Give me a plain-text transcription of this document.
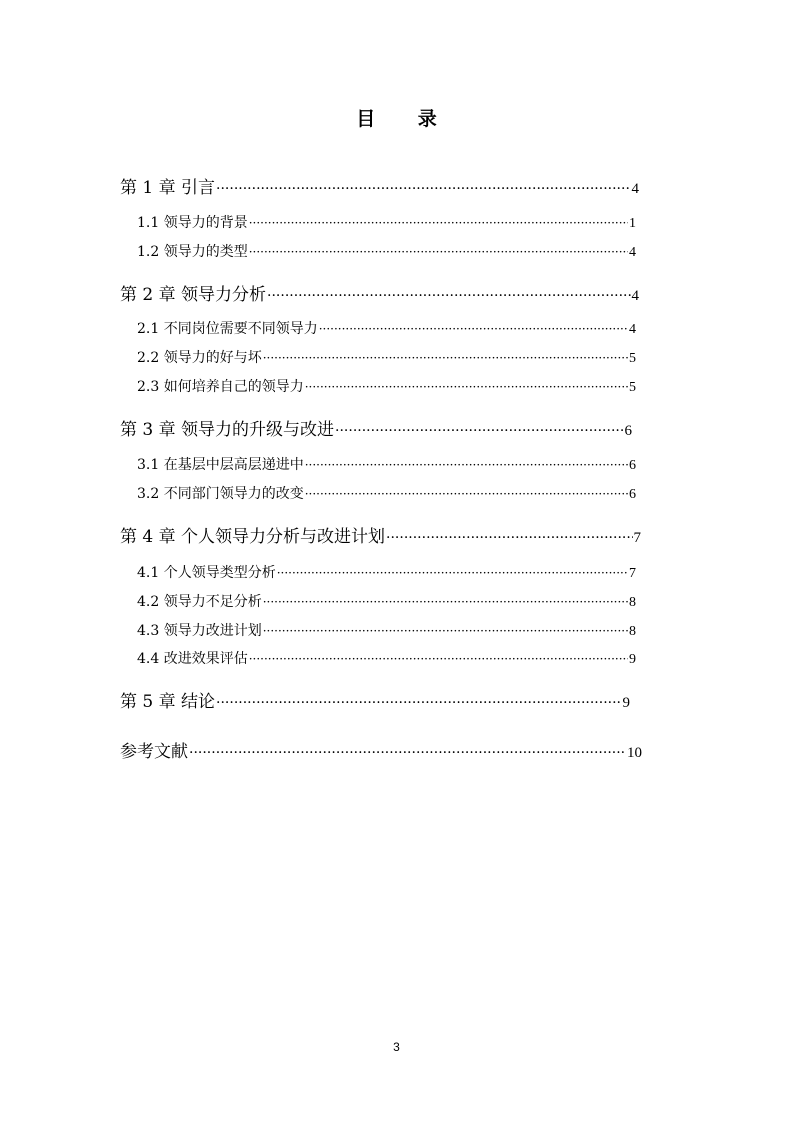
目 录
第 1 章 引言 ·····	4
1.1 领导力的背景 ·····	1
1.2 领导力的类型 ·····	4
第 2 章 领导力分析 ·····	4
2.1 不同岗位需要不同领导力 ·····	4
2.2 领导力的好与坏 ·····	5
2.3 如何培养自己的领导力 ·····	5
第 3 章 领导力的升级与改进 ·····	6
3.1 在基层中层高层递进中 ·····	6
3.2 不同部门领导力的改变 ·····	6
第 4 章 个人领导力分析与改进计划 ·····	7
4.1 个人领导类型分析 ·····	7
4.2 领导力不足分析 ·····	8
4.3 领导力改进计划 ·····	8
4.4 改进效果评估 ·····	9
第 5 章 结论 ·····	9
参考文献 ·····	10
3
